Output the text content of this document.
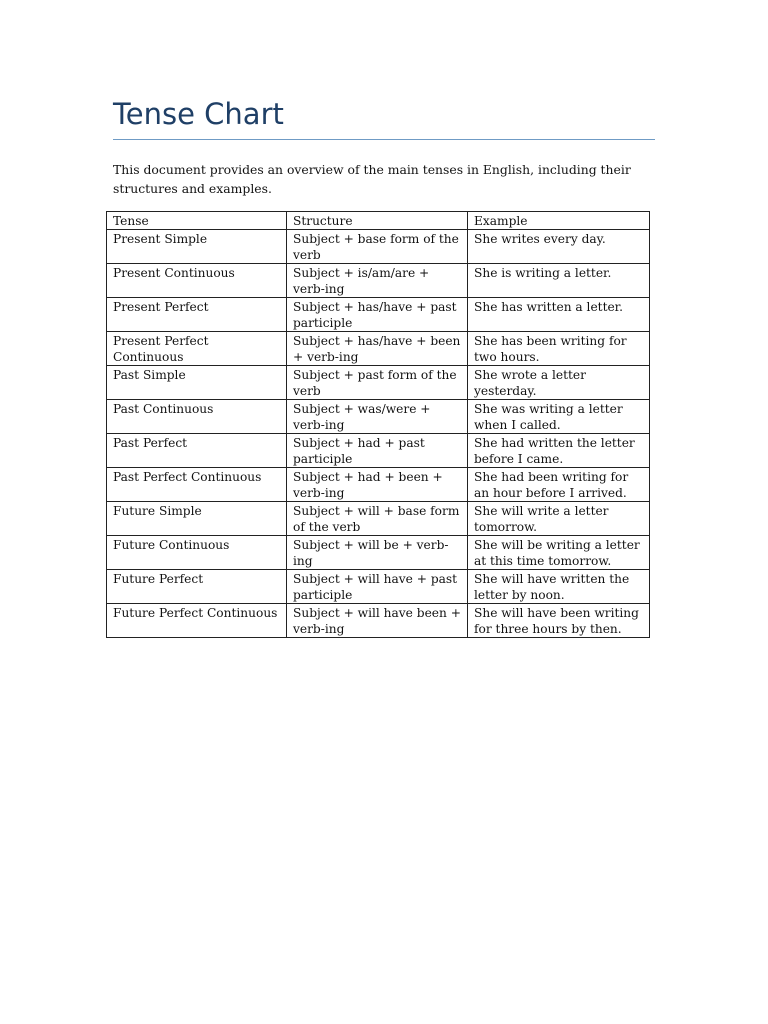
Tense Chart

This document provides an overview of the main tenses in English, including their structures and examples.

Tense	Structure	Example
Present Simple	Subject + base form of the verb	She writes every day.
Present Continuous	Subject + is/am/are + verb-ing	She is writing a letter.
Present Perfect	Subject + has/have + past participle	She has written a letter.
Present Perfect Continuous	Subject + has/have + been + verb-ing	She has been writing for two hours.
Past Simple	Subject + past form of the verb	She wrote a letter yesterday.
Past Continuous	Subject + was/were + verb-ing	She was writing a letter when I called.
Past Perfect	Subject + had + past participle	She had written the letter before I came.
Past Perfect Continuous	Subject + had + been + verb-ing	She had been writing for an hour before I arrived.
Future Simple	Subject + will + base form of the verb	She will write a letter tomorrow.
Future Continuous	Subject + will be + verb-ing	She will be writing a letter at this time tomorrow.
Future Perfect	Subject + will have + past participle	She will have written the letter by noon.
Future Perfect Continuous	Subject + will have been + verb-ing	She will have been writing for three hours by then.
